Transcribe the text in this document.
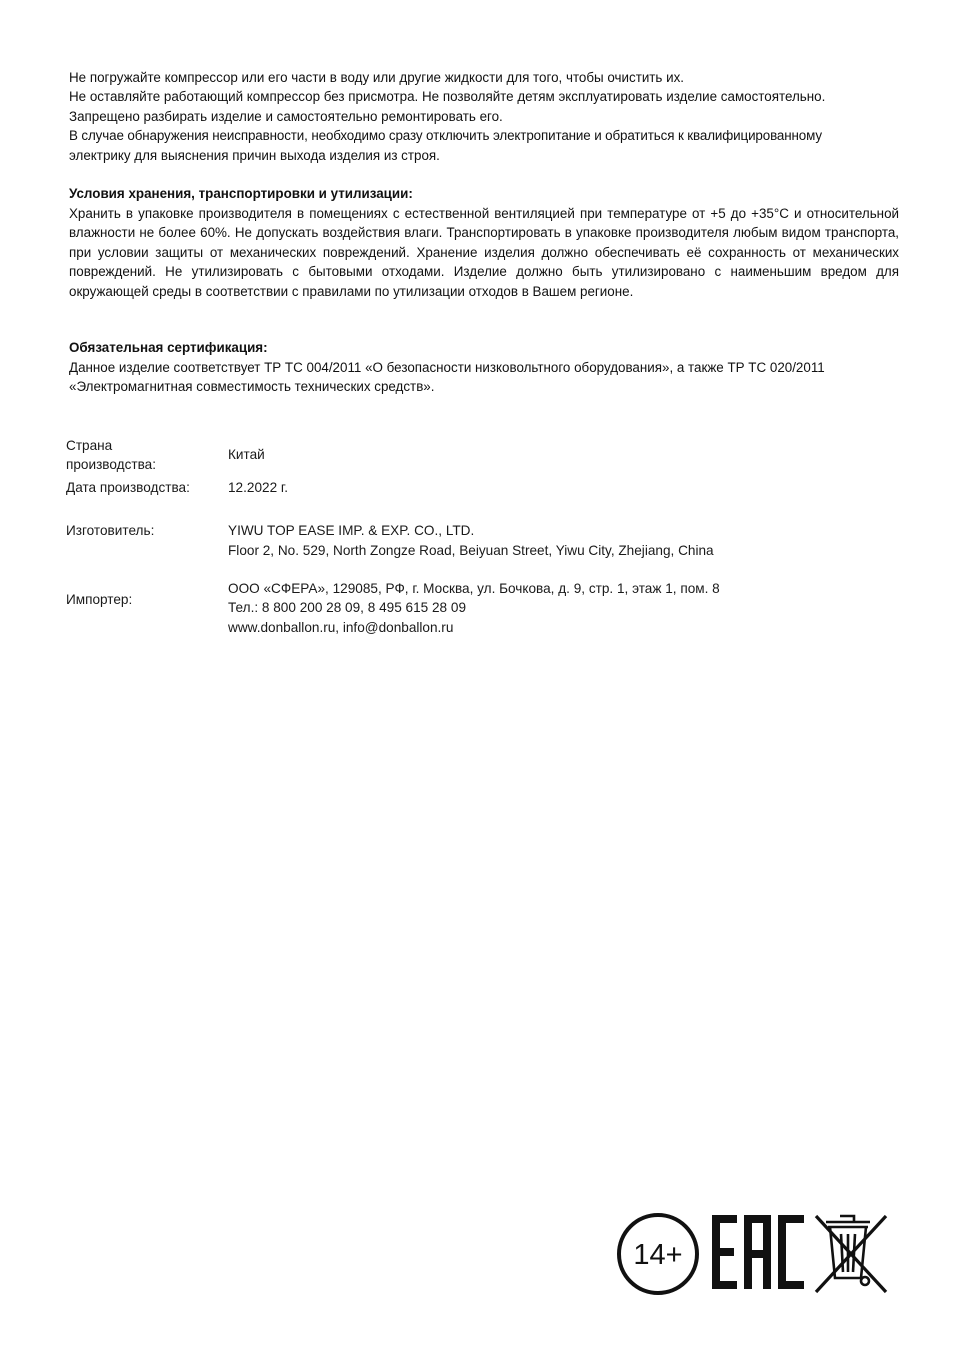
Не погружайте компрессор или его части в воду или другие жидкости для того, чтобы очистить их.
Не оставляйте работающий компрессор без присмотра. Не позволяйте детям эксплуатировать изделие самостоятельно.
Запрещено разбирать изделие и самостоятельно ремонтировать его.
В случае обнаружения неисправности, необходимо сразу отключить электропитание и обратиться к квалифицированному
электрику для выяснения причин выхода изделия из строя.

Условия хранения, транспортировки и утилизации:

Хранить в упаковке производителя в помещениях с естественной вентиляцией при температуре от +5 до +35°C и относительной влажности не более 60%. Не допускать воздействия влаги. Транспортировать в упаковке производителя любым видом транспорта, при условии защиты от механических повреждений. Хранение изделия должно обеспечивать её сохранность от механических повреждений. Не утилизировать с бытовыми отходами. Изделие должно быть утилизировано с наименьшим вредом для окружающей среды в соответствии с правилами по утилизации отходов в Вашем регионе.

Обязательная сертификация:

Данное изделие соответствует ТР ТС 004/2011 «О безопасности низковольтного оборудования», а также ТР ТС 020/2011 «Электромагнитная совместимость технических средств».

Страна
производства:
Китай
Дата производства:	12.2022 г.
Изготовитель:	YIWU TOP EASE IMP. & EXP. CO., LTD.
Floor 2, No. 529, North Zongze Road, Beiyuan Street, Yiwu City, Zhejiang, China
Импортер:
ООО «СФЕРА», 129085, РФ, г. Москва, ул. Бочкова, д. 9, стр. 1, этаж 1, пом. 8
Тел.: 8 800 200 28 09, 8 495 615 28 09
www.donballon.ru, info@donballon.ru
14+
